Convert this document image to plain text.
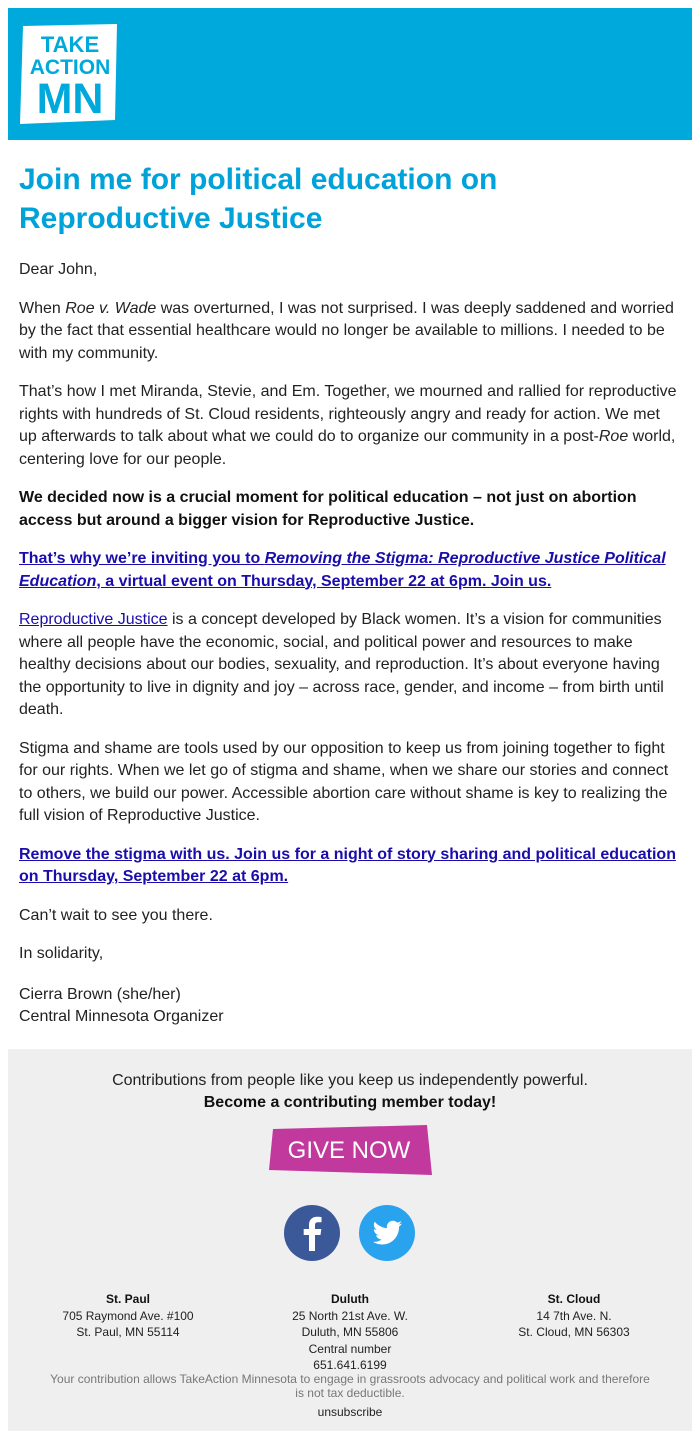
TAKE
ACTION
MN
Join me for political education on Reproductive Justice

Dear John,

When Roe v. Wade was overturned, I was not surprised. I was deeply saddened and worried by the fact that essential healthcare would no longer be available to millions. I needed to be with my community.

That’s how I met Miranda, Stevie, and Em. Together, we mourned and rallied for reproductive rights with hundreds of St. Cloud residents, righteously angry and ready for action. We met up afterwards to talk about what we could do to organize our community in a post-Roe world, centering love for our people.

We decided now is a crucial moment for political education – not just on abortion access but around a bigger vision for Reproductive Justice.

That’s why we’re inviting you to Removing the Stigma: Reproductive Justice Political Education, a virtual event on Thursday, September 22 at 6pm. Join us.

Reproductive Justice is a concept developed by Black women. It’s a vision for communities where all people have the economic, social, and political power and resources to make healthy decisions about our bodies, sexuality, and reproduction. It’s about everyone having the opportunity to live in dignity and joy – across race, gender, and income – from birth until death.

Stigma and shame are tools used by our opposition to keep us from joining together to fight for our rights. When we let go of stigma and shame, when we share our stories and connect to others, we build our power. Accessible abortion care without shame is key to realizing the full vision of Reproductive Justice.

Remove the stigma with us. Join us for a night of story sharing and political education on Thursday, September 22 at 6pm.

Can’t wait to see you there.

In solidarity,

Cierra Brown (she/her)
Central Minnesota Organizer
Contributions from people like you keep us independently powerful.
Become a contributing member today!
GIVE NOW
St. Paul
705 Raymond Ave. #100
St. Paul, MN 55114
Duluth
25 North 21st Ave. W.
Duluth, MN 55806
Central number
651.641.6199
St. Cloud
14 7th Ave. N.
St. Cloud, MN 56303
Your contribution allows TakeAction Minnesota to engage in grassroots advocacy and political work and therefore is not tax deductible.
unsubscribe
